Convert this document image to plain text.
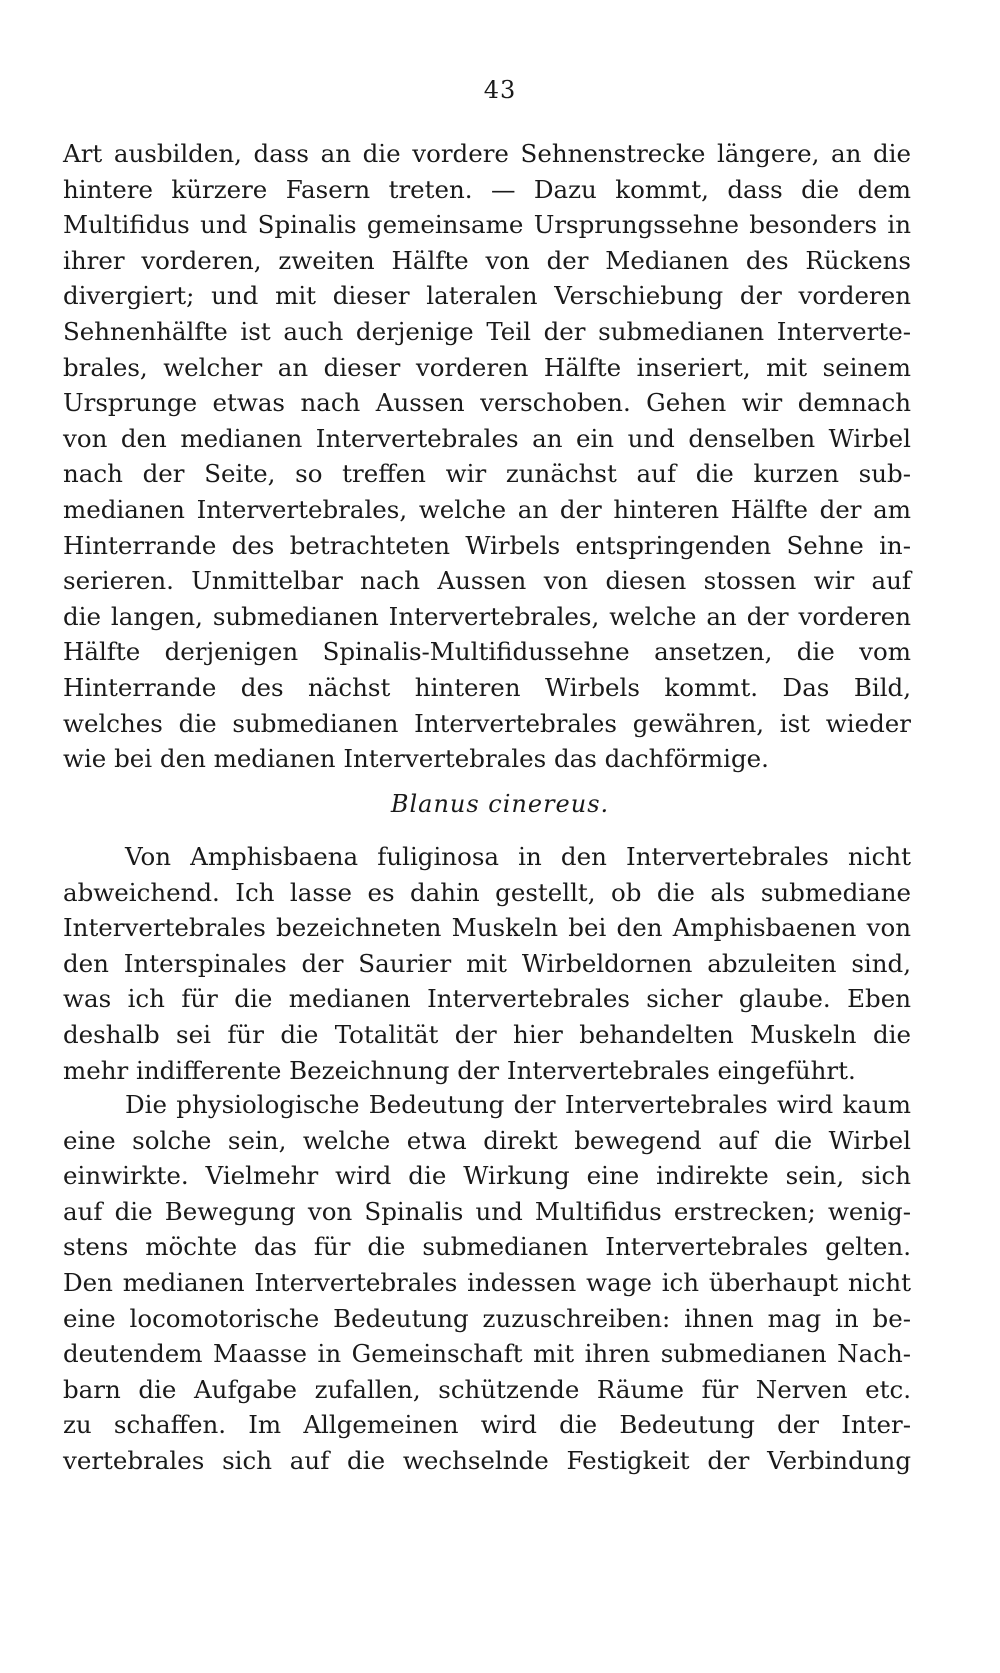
43
Art ausbilden, dass an die vordere Sehnenstrecke längere, an die
hintere kürzere Fasern treten. — Dazu kommt, dass die dem
Multifidus und Spinalis gemeinsame Ursprungssehne besonders in
ihrer vorderen, zweiten Hälfte von der Medianen des Rückens
divergiert; und mit dieser lateralen Verschiebung der vorderen
Sehnenhälfte ist auch derjenige Teil der submedianen Interverte-
brales, welcher an dieser vorderen Hälfte inseriert, mit seinem
Ursprunge etwas nach Aussen verschoben. Gehen wir demnach
von den medianen Intervertebrales an ein und denselben Wirbel
nach der Seite, so treffen wir zunächst auf die kurzen sub-
medianen Intervertebrales, welche an der hinteren Hälfte der am
Hinterrande des betrachteten Wirbels entspringenden Sehne in-
serieren. Unmittelbar nach Aussen von diesen stossen wir auf
die langen, submedianen Intervertebrales, welche an der vorderen
Hälfte derjenigen Spinalis-Multifidussehne ansetzen, die vom
Hinterrande des nächst hinteren Wirbels kommt. Das Bild,
welches die submedianen Intervertebrales gewähren, ist wieder
wie bei den medianen Intervertebrales das dachförmige.
Blanus cinereus.
Von Amphisbaena fuliginosa in den Intervertebrales nicht
abweichend. Ich lasse es dahin gestellt, ob die als submediane
Intervertebrales bezeichneten Muskeln bei den Amphisbaenen von
den Interspinales der Saurier mit Wirbeldornen abzuleiten sind,
was ich für die medianen Intervertebrales sicher glaube. Eben
deshalb sei für die Totalität der hier behandelten Muskeln die
mehr indifferente Bezeichnung der Intervertebrales eingeführt.
Die physiologische Bedeutung der Intervertebrales wird kaum
eine solche sein, welche etwa direkt bewegend auf die Wirbel
einwirkte. Vielmehr wird die Wirkung eine indirekte sein, sich
auf die Bewegung von Spinalis und Multifidus erstrecken; wenig-
stens möchte das für die submedianen Intervertebrales gelten.
Den medianen Intervertebrales indessen wage ich überhaupt nicht
eine locomotorische Bedeutung zuzuschreiben: ihnen mag in be-
deutendem Maasse in Gemeinschaft mit ihren submedianen Nach-
barn die Aufgabe zufallen, schützende Räume für Nerven etc.
zu schaffen. Im Allgemeinen wird die Bedeutung der Inter-
vertebrales sich auf die wechselnde Festigkeit der Verbindung
